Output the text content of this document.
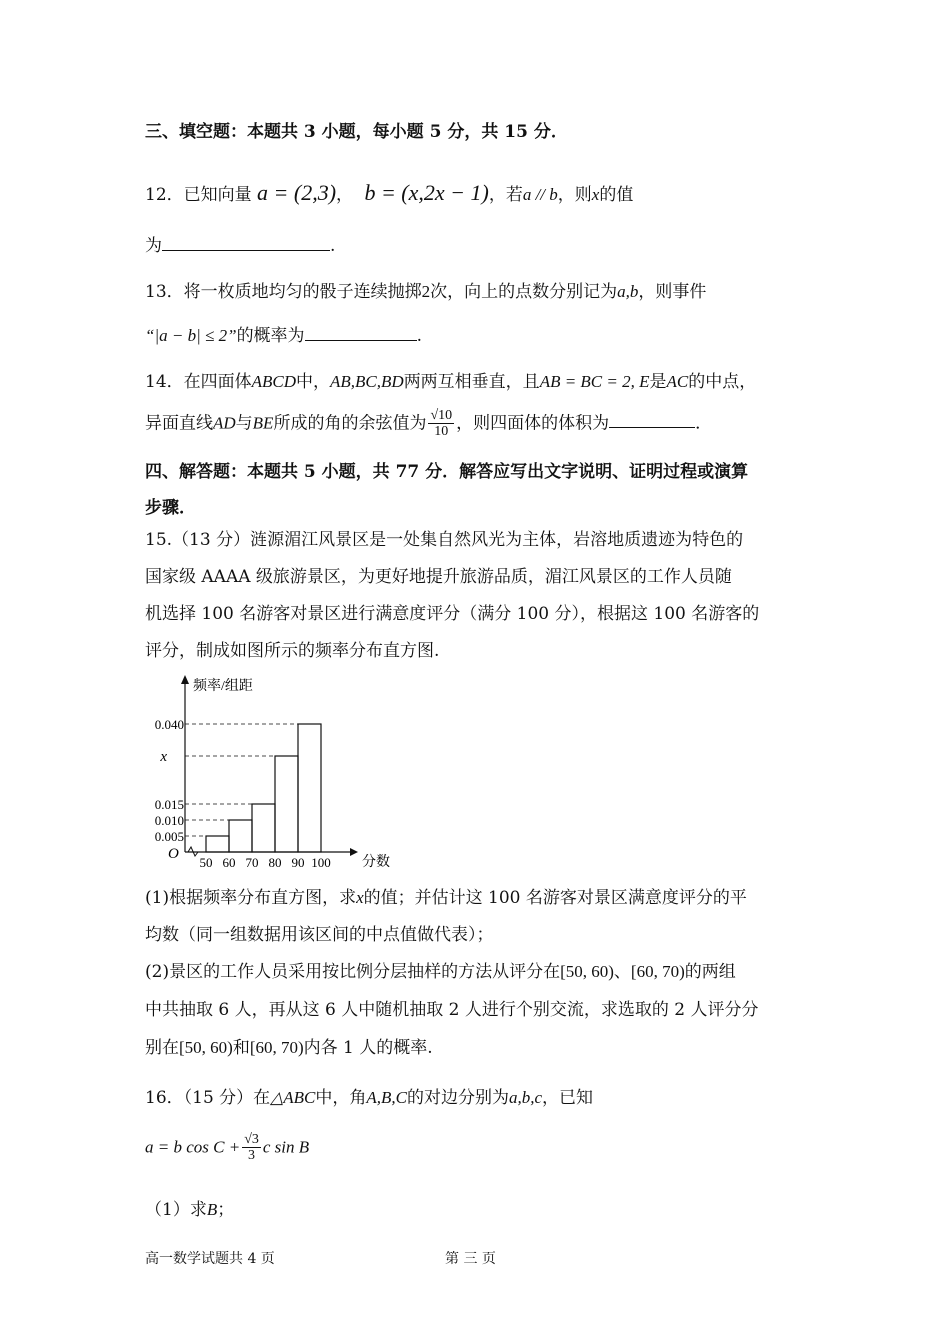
三、填空题：本题共 3 小题，每小题 5 分，共 15 分．
12．已知向量 a = (2,3)， b = (x,2x − 1)，若a // b，则x的值
为	.
13．将一枚质地均匀的骰子连续抛掷2次，向上的点数分别记为a,b，则事件
“|a − b| ≤ 2”的概率为	.
14．在四面体ABCD中，AB,BC,BD两两互相垂直，且AB = BC = 2, E是AC的中点，
异面直线AD与BE所成的角的余弦值为 $\frac{√10}{10}$ ，则四面体的体积为	．
四、解答题：本题共 5 小题，共 77 分．解答应写出文字说明、证明过程或演算
步骤．
15.（13 分）涟源湄江风景区是一处集自然风光为主体，岩溶地质遗迹为特色的
国家级 AAAA 级旅游景区，为更好地提升旅游品质，湄江风景区的工作人员随
机选择 100 名游客对景区进行满意度评分（满分 100 分），根据这 100 名游客的
评分，制成如图所示的频率分布直方图.
频率/组距
分数
O
0.005
0.010
0.015
x
0.040
50 60 70 80 90 100
(1)根据频率分布直方图，求x的值；并估计这 100 名游客对景区满意度评分的平
均数（同一组数据用该区间的中点值做代表）；
(2)景区的工作人员采用按比例分层抽样的方法从评分在[50, 60)、[60, 70)的两组
中共抽取 6 人，再从这 6 人中随机抽取 2 人进行个别交流，求选取的 2 人评分分
别在[50, 60)和[60, 70)内各 1 人的概率.
16．（15 分）在△ABC中，角A,B,C的对边分别为a,b,c，已知
a = b $\cos C + \frac{√3}{3}$ c sin B
（1）求B；
高一数学试题共 4 页	第 三 页
